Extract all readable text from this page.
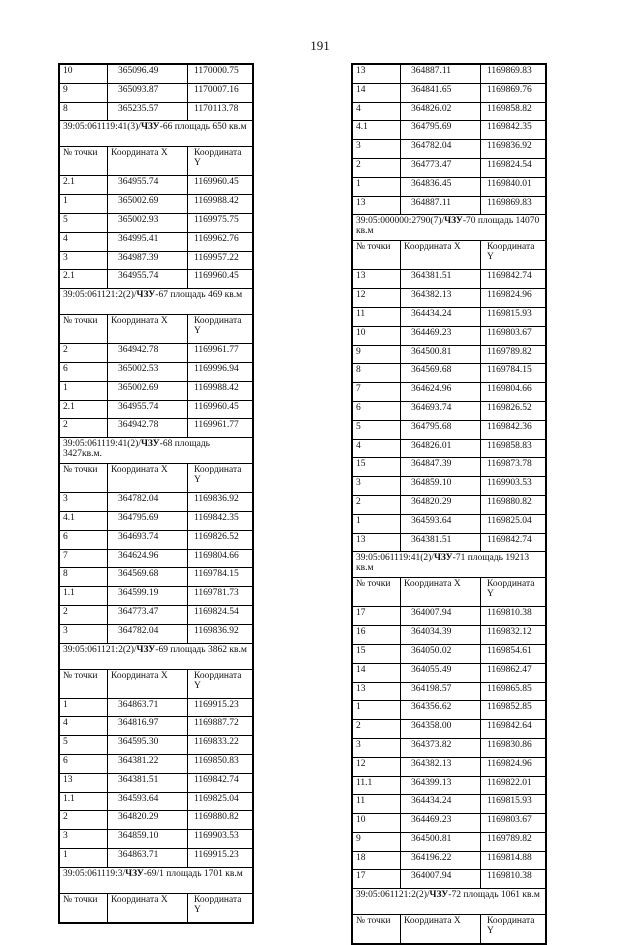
191
10	365096.49	1170000.75
9	365093.87	1170007.16
8	365235.57	1170113.78
39:05:061119:41(3)/ЧЗУ-66 площадь 650 кв.м		
№ точки	Координата X	Координата Y
2.1	364955.74	1169960.45
1	365002.69	1169988.42
5	365002.93	1169975.75
4	364995.41	1169962.76
3	364987.39	1169957.22
2.1	364955.74	1169960.45
39:05:061121:2(2)/ЧЗУ-67 площадь 469 кв.м		
№ точки	Координата X	Координата Y
2	364942.78	1169961.77
6	365002.53	1169996.94
1	365002.69	1169988.42
2.1	364955.74	1169960.45
2	364942.78	1169961.77
39:05:061119:41(2)/ЧЗУ-68 площадь 3427кв.м.		
№ точки	Координата X	Координата Y
3	364782.04	1169836.92
4.1	364795.69	1169842.35
6	364693.74	1169826.52
7	364624.96	1169804.66
8	364569.68	1169784.15
1.1	364599.19	1169781.73
2	364773.47	1169824.54
3	364782.04	1169836.92
39:05:061121:2(2)/ЧЗУ-69 площадь 3862 кв.м		
№ точки	Координата X	Координата Y
1	364863.71	1169915.23
4	364816.97	1169887.72
5	364595.30	1169833.22
6	364381.22	1169850.83
13	364381.51	1169842.74
1.1	364593.64	1169825.04
2	364820.29	1169880.82
3	364859.10	1169903.53
1	364863.71	1169915.23
39:05:061119:3/ЧЗУ-69/1 площадь 1701 кв.м		
№ точки	Координата X	Координата Y
13	364887.11	1169869.83
14	364841.65	1169869.76
4	364826.02	1169858.82
4.1	364795.69	1169842.35
3	364782.04	1169836.92
2	364773.47	1169824.54
1	364836.45	1169840.01
13	364887.11	1169869.83
39:05:000000:2790(7)/ЧЗУ-70 площадь 14070 кв.м		
№ точки	Координата X	Координата Y
13	364381.51	1169842.74
12	364382.13	1169824.96
11	364434.24	1169815.93
10	364469.23	1169803.67
9	364500.81	1169789.82
8	364569.68	1169784.15
7	364624.96	1169804.66
6	364693.74	1169826.52
5	364795.68	1169842.36
4	364826.01	1169858.83
15	364847.39	1169873.78
3	364859.10	1169903.53
2	364820.29	1169880.82
1	364593.64	1169825.04
13	364381.51	1169842.74
39:05:061119:41(2)/ЧЗУ-71 площадь 19213 кв.м		
№ точки	Координата X	Координата Y
17	364007.94	1169810.38
16	364034.39	1169832.12
15	364050.02	1169854.61
14	364055.49	1169862.47
13	364198.57	1169865.85
1	364356.62	1169852.85
2	364358.00	1169842.64
3	364373.82	1169830.86
12	364382.13	1169824.96
11.1	364399.13	1169822.01
11	364434.24	1169815.93
10	364469.23	1169803.67
9	364500.81	1169789.82
18	364196.22	1169814.88
17	364007.94	1169810.38
39:05:061121:2(2)/ЧЗУ-72 площадь 1061 кв.м		
№ точки	Координата X	Координата Y
